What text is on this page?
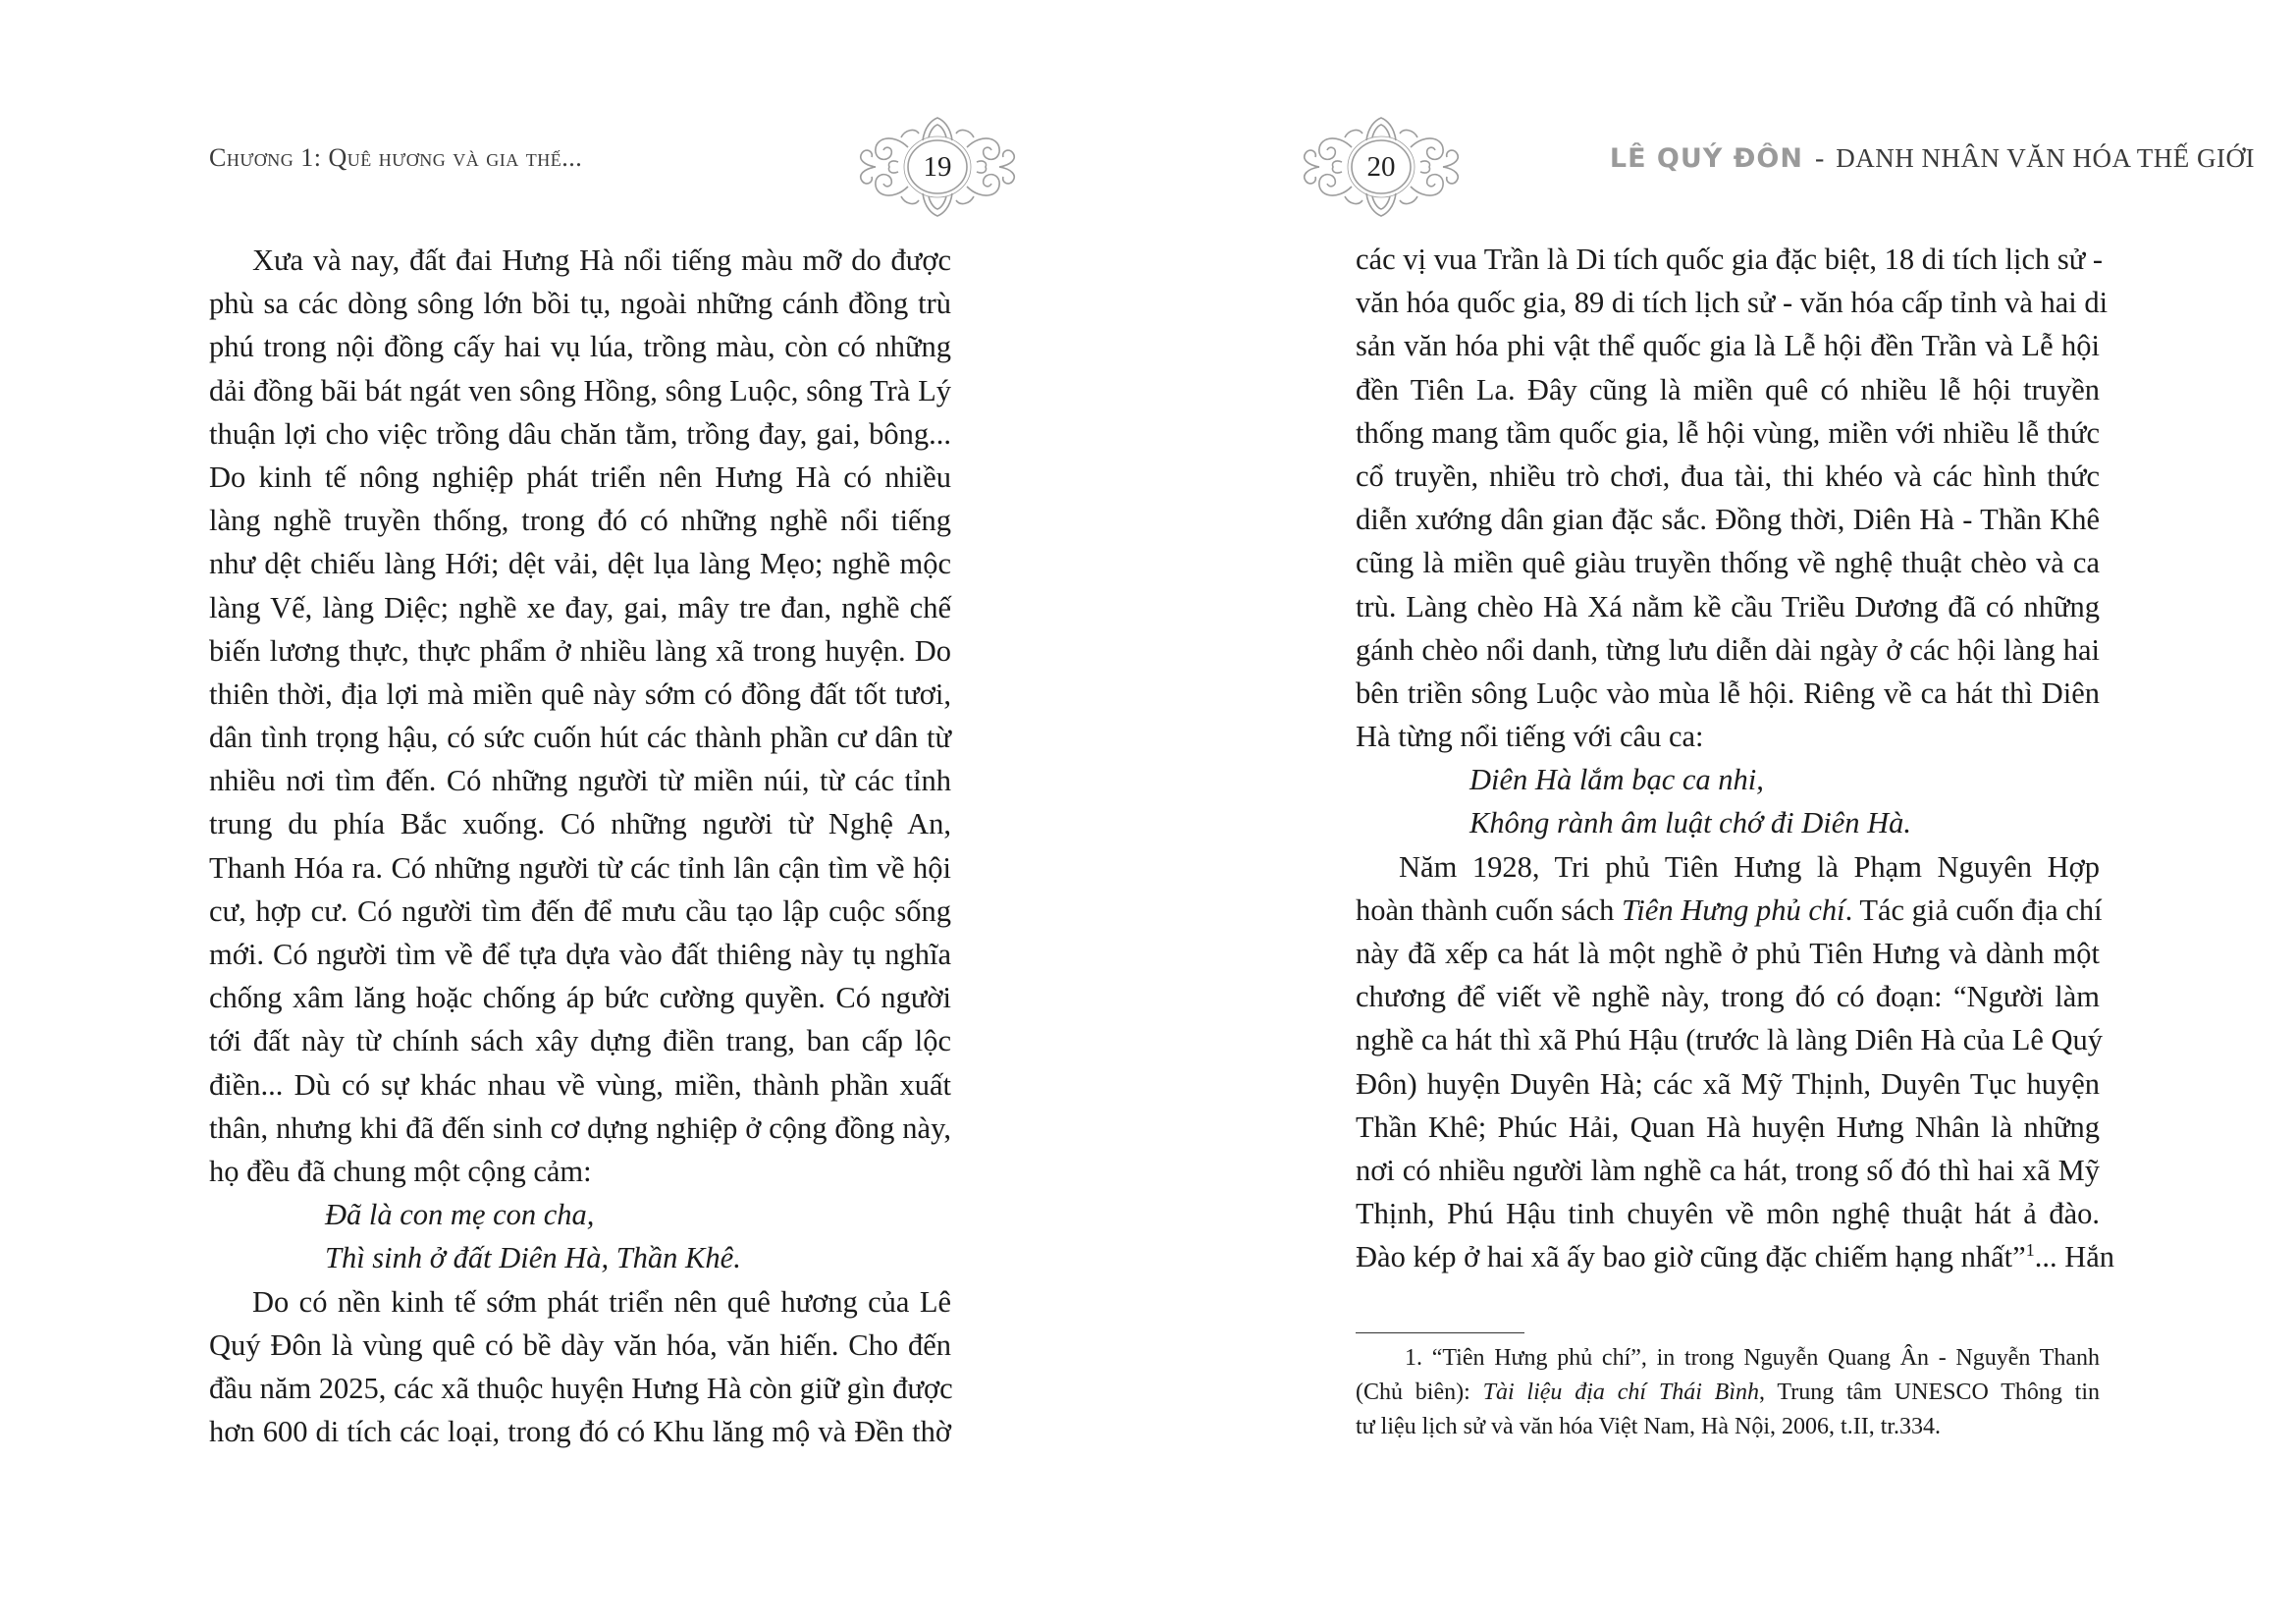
Chương 1: Quê hương và gia thế...	19
Xưa và nay, đất đai Hưng Hà nổi tiếng màu mỡ do được
phù sa các dòng sông lớn bồi tụ, ngoài những cánh đồng trù
phú trong nội đồng cấy hai vụ lúa, trồng màu, còn có những
dải đồng bãi bát ngát ven sông Hồng, sông Luộc, sông Trà Lý
thuận lợi cho việc trồng dâu chăn tằm, trồng đay, gai, bông...
Do kinh tế nông nghiệp phát triển nên Hưng Hà có nhiều
làng nghề truyền thống, trong đó có những nghề nổi tiếng
như dệt chiếu làng Hới; dệt vải, dệt lụa làng Mẹo; nghề mộc
làng Vế, làng Diệc; nghề xe đay, gai, mây tre đan, nghề chế
biến lương thực, thực phẩm ở nhiều làng xã trong huyện. Do
thiên thời, địa lợi mà miền quê này sớm có đồng đất tốt tươi,
dân tình trọng hậu, có sức cuốn hút các thành phần cư dân từ
nhiều nơi tìm đến. Có những người từ miền núi, từ các tỉnh
trung du phía Bắc xuống. Có những người từ Nghệ An,
Thanh Hóa ra. Có những người từ các tỉnh lân cận tìm về hội
cư, hợp cư. Có người tìm đến để mưu cầu tạo lập cuộc sống
mới. Có người tìm về để tựa dựa vào đất thiêng này tụ nghĩa
chống xâm lăng hoặc chống áp bức cường quyền. Có người
tới đất này từ chính sách xây dựng điền trang, ban cấp lộc
điền... Dù có sự khác nhau về vùng, miền, thành phần xuất
thân, nhưng khi đã đến sinh cơ dựng nghiệp ở cộng đồng này,
họ đều đã chung một cộng cảm:
Đã là con mẹ con cha,
Thì sinh ở đất Diên Hà, Thần Khê.
Do có nền kinh tế sớm phát triển nên quê hương của Lê
Quý Đôn là vùng quê có bề dày văn hóa, văn hiến. Cho đến
đầu năm 2025, các xã thuộc huyện Hưng Hà còn giữ gìn được
hơn 600 di tích các loại, trong đó có Khu lăng mộ và Đền thờ
20	LÊ QUÝ ĐÔN - DANH NHÂN VĂN HÓA THẾ GIỚI
các vị vua Trần là Di tích quốc gia đặc biệt, 18 di tích lịch sử -
văn hóa quốc gia, 89 di tích lịch sử - văn hóa cấp tỉnh và hai di
sản văn hóa phi vật thể quốc gia là Lễ hội đền Trần và Lễ hội
đền Tiên La. Đây cũng là miền quê có nhiều lễ hội truyền
thống mang tầm quốc gia, lễ hội vùng, miền với nhiều lễ thức
cổ truyền, nhiều trò chơi, đua tài, thi khéo và các hình thức
diễn xướng dân gian đặc sắc. Đồng thời, Diên Hà - Thần Khê
cũng là miền quê giàu truyền thống về nghệ thuật chèo và ca
trù. Làng chèo Hà Xá nằm kề cầu Triều Dương đã có những
gánh chèo nổi danh, từng lưu diễn dài ngày ở các hội làng hai
bên triền sông Luộc vào mùa lễ hội. Riêng về ca hát thì Diên
Hà từng nổi tiếng với câu ca:
Diên Hà lắm bạc ca nhi,
Không rành âm luật chớ đi Diên Hà.
Năm 1928, Tri phủ Tiên Hưng là Phạm Nguyên Hợp
hoàn thành cuốn sách Tiên Hưng phủ chí. Tác giả cuốn địa chí
này đã xếp ca hát là một nghề ở phủ Tiên Hưng và dành một
chương để viết về nghề này, trong đó có đoạn: “Người làm
nghề ca hát thì xã Phú Hậu (trước là làng Diên Hà của Lê Quý
Đôn) huyện Duyên Hà; các xã Mỹ Thịnh, Duyên Tục huyện
Thần Khê; Phúc Hải, Quan Hà huyện Hưng Nhân là những
nơi có nhiều người làm nghề ca hát, trong số đó thì hai xã Mỹ
Thịnh, Phú Hậu tinh chuyên về môn nghệ thuật hát ả đào.
Đào kép ở hai xã ấy bao giờ cũng đặc chiếm hạng nhất”$^1$... Hắn
1. “Tiên Hưng phủ chí”, in trong Nguyễn Quang Ân - Nguyễn Thanh
(Chủ biên): Tài liệu địa chí Thái Bình, Trung tâm UNESCO Thông tin
tư liệu lịch sử và văn hóa Việt Nam, Hà Nội, 2006, t.II, tr.334.
